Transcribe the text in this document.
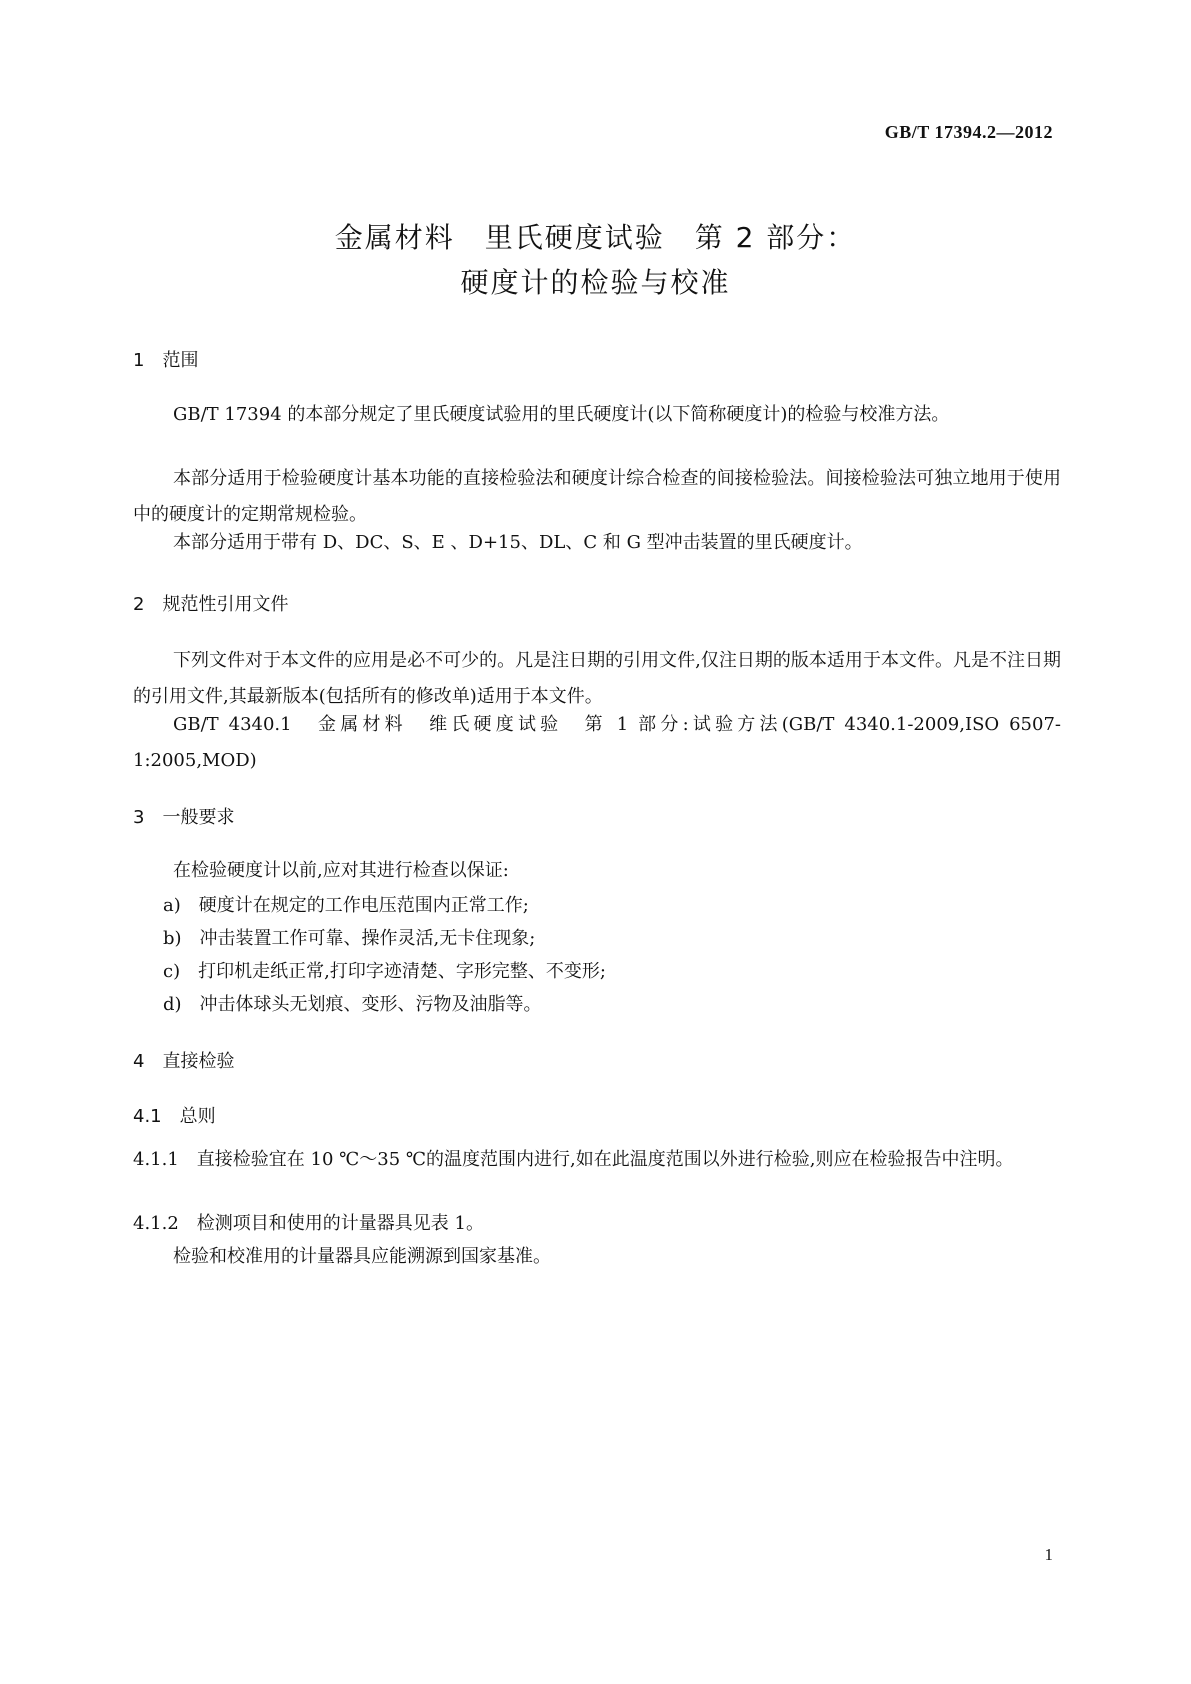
GB/T 17394.2—2012
金属材料　里氏硬度试验　第 2 部分：
硬度计的检验与校准
1　范围
GB/T 17394 的本部分规定了里氏硬度试验用的里氏硬度计(以下简称硬度计)的检验与校准方法。
本部分适用于检验硬度计基本功能的直接检验法和硬度计综合检查的间接检验法。间接检验法可独立地用于使用中的硬度计的定期常规检验。
本部分适用于带有 D、DC、S、E 、D+15、DL、C 和 G 型冲击装置的里氏硬度计。
2　规范性引用文件
下列文件对于本文件的应用是必不可少的。凡是注日期的引用文件,仅注日期的版本适用于本文件。凡是不注日期的引用文件,其最新版本(包括所有的修改单)适用于本文件。
GB/T 4340.1　金属材料　维氏硬度试验　第 1 部分:试验方法(GB/T 4340.1-2009,ISO 6507-1:2005,MOD)
3　一般要求
在检验硬度计以前,应对其进行检查以保证:
a)　硬度计在规定的工作电压范围内正常工作;
b)　冲击装置工作可靠、操作灵活,无卡住现象;
c)　打印机走纸正常,打印字迹清楚、字形完整、不变形;
d)　冲击体球头无划痕、变形、污物及油脂等。
4　直接检验
4.1　总则
4.1.1　直接检验宜在 10 ℃～35 ℃的温度范围内进行,如在此温度范围以外进行检验,则应在检验报告中注明。
4.1.2　检测项目和使用的计量器具见表 1。
检验和校准用的计量器具应能溯源到国家基准。
1
